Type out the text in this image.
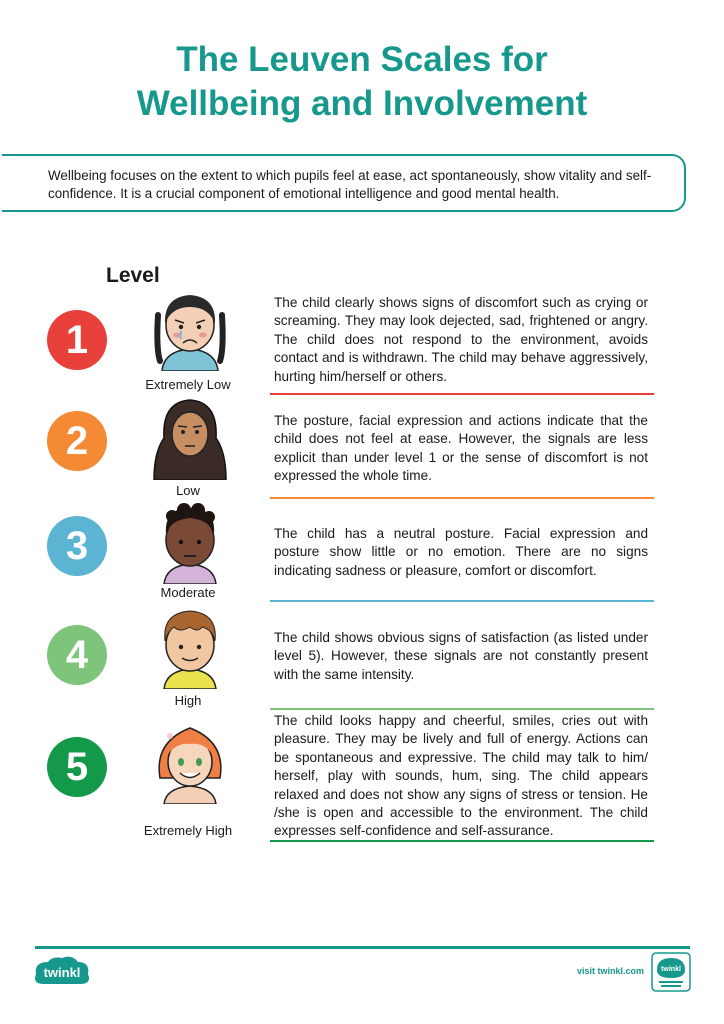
The Leuven Scales for
Wellbeing and Involvement

Wellbeing focuses on the extent to which pupils feel at ease, act spontaneously, show vitality and self-confidence. It is a crucial component of emotional intelligence and good mental health.

Level
1
Extremely Low
The child clearly shows signs of discomfort such as crying or screaming. They may look dejected, sad, frightened or angry. The child does not respond to the environment, avoids contact and is withdrawn. The child may behave aggressively, hurting him/herself or others.
2
Low
The posture, facial expression and actions indicate that the child does not feel at ease. However, the signals are less explicit than under level 1 or the sense of discomfort is not expressed the whole time.
3
Moderate
The child has a neutral posture. Facial expression and posture show little or no emotion. There are no signs indicating sadness or pleasure, comfort or discomfort.
4
High
The child shows obvious signs of satisfaction (as listed under level 5). However, these signals are not constantly present with the same intensity.
5
Extremely High
The child looks happy and cheerful, smiles, cries out with pleasure. They may be lively and full of energy. Actions can be spontaneous and expressive. The child may talk to him/ herself, play with sounds, hum, sing. The child appears relaxed and does not show any signs of stress or tension. He /she is open and accessible to the environment. The child expresses self-confidence and self-assurance.
twinkl	visit twinkl.com twinkl
